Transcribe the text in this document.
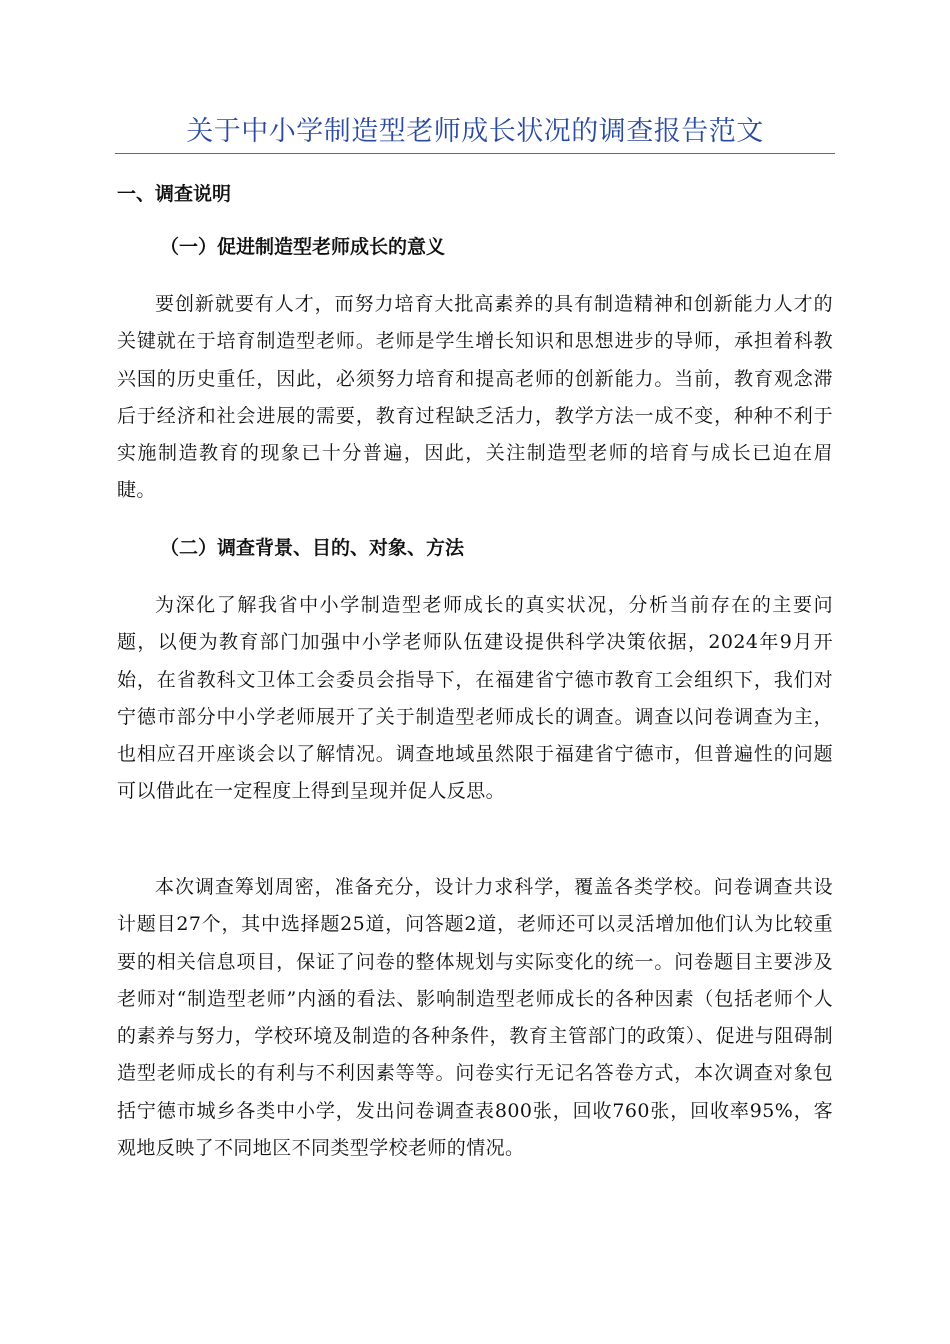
关于中小学制造型老师成长状况的调查报告范文
一、调查说明
（一）促进制造型老师成长的意义

要创新就要有人才，而努力培育大批高素养的具有制造精神和创新能力人才的关键就在于培育制造型老师。老师是学生增长知识和思想进步的导师，承担着科教兴国的历史重任，因此，必须努力培育和提高老师的创新能力。当前，教育观念滞后于经济和社会进展的需要，教育过程缺乏活力，教学方法一成不变，种种不利于实施制造教育的现象已十分普遍，因此，关注制造型老师的培育与成长已迫在眉睫。

（二）调查背景、目的、对象、方法

为深化了解我省中小学制造型老师成长的真实状况，分析当前存在的主要问题，以便为教育部门加强中小学老师队伍建设提供科学决策依据，2024年9月开始，在省教科文卫体工会委员会指导下，在福建省宁德市教育工会组织下，我们对宁德市部分中小学老师展开了关于制造型老师成长的调查。调查以问卷调查为主，也相应召开座谈会以了解情况。调查地域虽然限于福建省宁德市，但普遍性的问题可以借此在一定程度上得到呈现并促人反思。

本次调查筹划周密，准备充分，设计力求科学，覆盖各类学校。问卷调查共设计题目27个，其中选择题25道，问答题2道，老师还可以灵活增加他们认为比较重要的相关信息项目，保证了问卷的整体规划与实际变化的统一。问卷题目主要涉及老师对“制造型老师”内涵的看法、影响制造型老师成长的各种因素（包括老师个人的素养与努力，学校环境及制造的各种条件，教育主管部门的政策）、促进与阻碍制造型老师成长的有利与不利因素等等。问卷实行无记名答卷方式，本次调查对象包括宁德市城乡各类中小学，发出问卷调查表800张，回收760张，回收率95%，客观地反映了不同地区不同类型学校老师的情况。
